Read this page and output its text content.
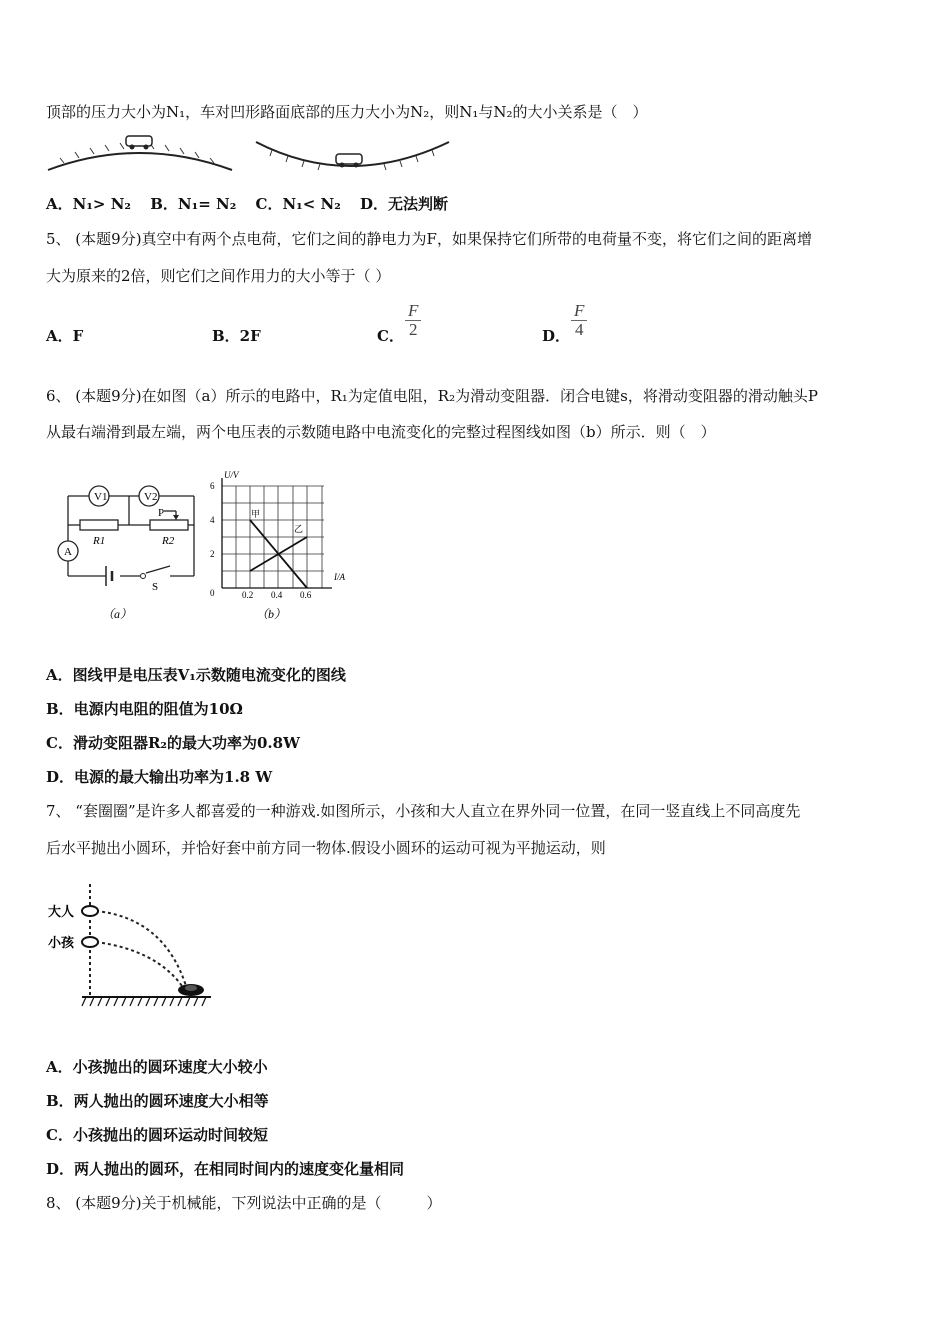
顶部的压力大小为N₁，车对凹形路面底部的压力大小为N₂，则N₁与N₂的大小关系是（　）
A．N₁> N₂ B．N₁= N₂ C．N₁< N₂ D．无法判断
5、 (本题9分)真空中有两个点电荷，它们之间的静电力为F，如果保持它们所带的电荷量不变，将它们之间的距离增
大为原来的2倍，则它们之间作用力的大小等于（ ）
A．F	B．2F	C． $\frac{F}{2}$	D． $\frac{F}{4}$
6、 (本题9分)在如图（a）所示的电路中，R₁为定值电阻，R₂为滑动变阻器．闭合电键s，将滑动变阻器的滑动触头P
从最右端滑到最左端，两个电压表的示数随电路中电流变化的完整过程图线如图（b）所示．则（　）
V1	V2
A
R1	R2
P
S
（a）
U/V
I/A
6
4
2
0	0.2 0.4 0.6
甲
乙
（b）
A．图线甲是电压表V₁示数随电流变化的图线
B．电源内电阻的阻值为10Ω
C．滑动变阻器R₂的最大功率为0.8W
D．电源的最大输出功率为1.8 W
7、 “套圈圈”是许多人都喜爱的一种游戏.如图所示，小孩和大人直立在界外同一位置，在同一竖直线上不同高度先
后水平抛出小圆环，并恰好套中前方同一物体.假设小圆环的运动可视为平抛运动，则
大人
小孩
A．小孩抛出的圆环速度大小较小
B．两人抛出的圆环速度大小相等
C．小孩抛出的圆环运动时间较短
D．两人抛出的圆环，在相同时间内的速度变化量相同
8、 (本题9分)关于机械能，下列说法中正确的是（　　　）
